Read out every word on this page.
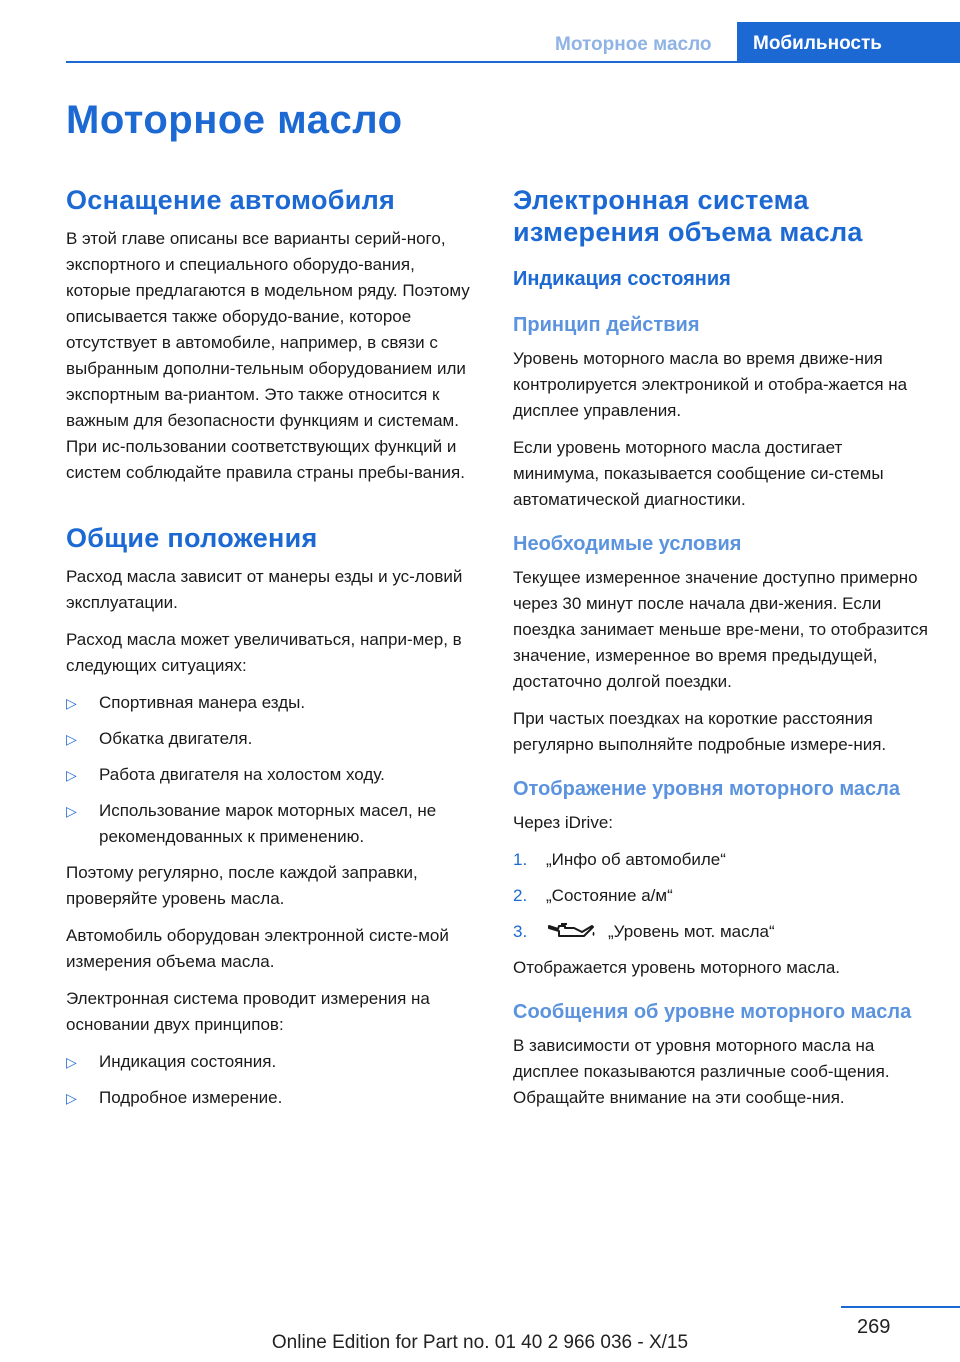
Моторное масло	Мобильность
Моторное масло
Оснащение автомобиля

В этой главе описаны все варианты серий-ного, экспортного и специального оборудо-вания, которые предлагаются в модельном ряду. Поэтому описывается также оборудо-вание, которое отсутствует в автомобиле, например, в связи с выбранным дополни-тельным оборудованием или экспортным ва-риантом. Это также относится к важным для безопасности функциям и системам. При ис-пользовании соответствующих функций и систем соблюдайте правила страны пребы-вания.

Общие положения

Расход масла зависит от манеры езды и ус-ловий эксплуатации.

Расход масла может увеличиваться, напри-мер, в следующих ситуациях:

▷ Спортивная манера езды.
▷ Обкатка двигателя.
▷ Работа двигателя на холостом ходу.
▷ Использование марок моторных масел, не рекомендованных к применению.

Поэтому регулярно, после каждой заправки, проверяйте уровень масла.

Автомобиль оборудован электронной систе-мой измерения объема масла.

Электронная система проводит измерения на основании двух принципов:

▷ Индикация состояния.
▷ Подробное измерение.
Электронная система измерения объема масла
Индикация состояния
Принцип действия

Уровень моторного масла во время движе-ния контролируется электроникой и отобра-жается на дисплее управления.

Если уровень моторного масла достигает минимума, показывается сообщение си-стемы автоматической диагностики.

Необходимые условия

Текущее измеренное значение доступно примерно через 30 минут после начала дви-жения. Если поездка занимает меньше вре-мени, то отобразится значение, измеренное во время предыдущей, достаточно долгой поездки.

При частых поездках на короткие расстояния регулярно выполняйте подробные измере-ния.

Отображение уровня моторного масла

Через iDrive:

1. „Инфо об автомобиле“
2. „Состояние а/м“
3.	„Уровень мот. масла“

Отображается уровень моторного масла.

Сообщения об уровне моторного масла

В зависимости от уровня моторного масла на дисплее показываются различные сооб-щения. Обращайте внимание на эти сообще-ния.

269
Online Edition for Part no. 01 40 2 966 036 - X/15
